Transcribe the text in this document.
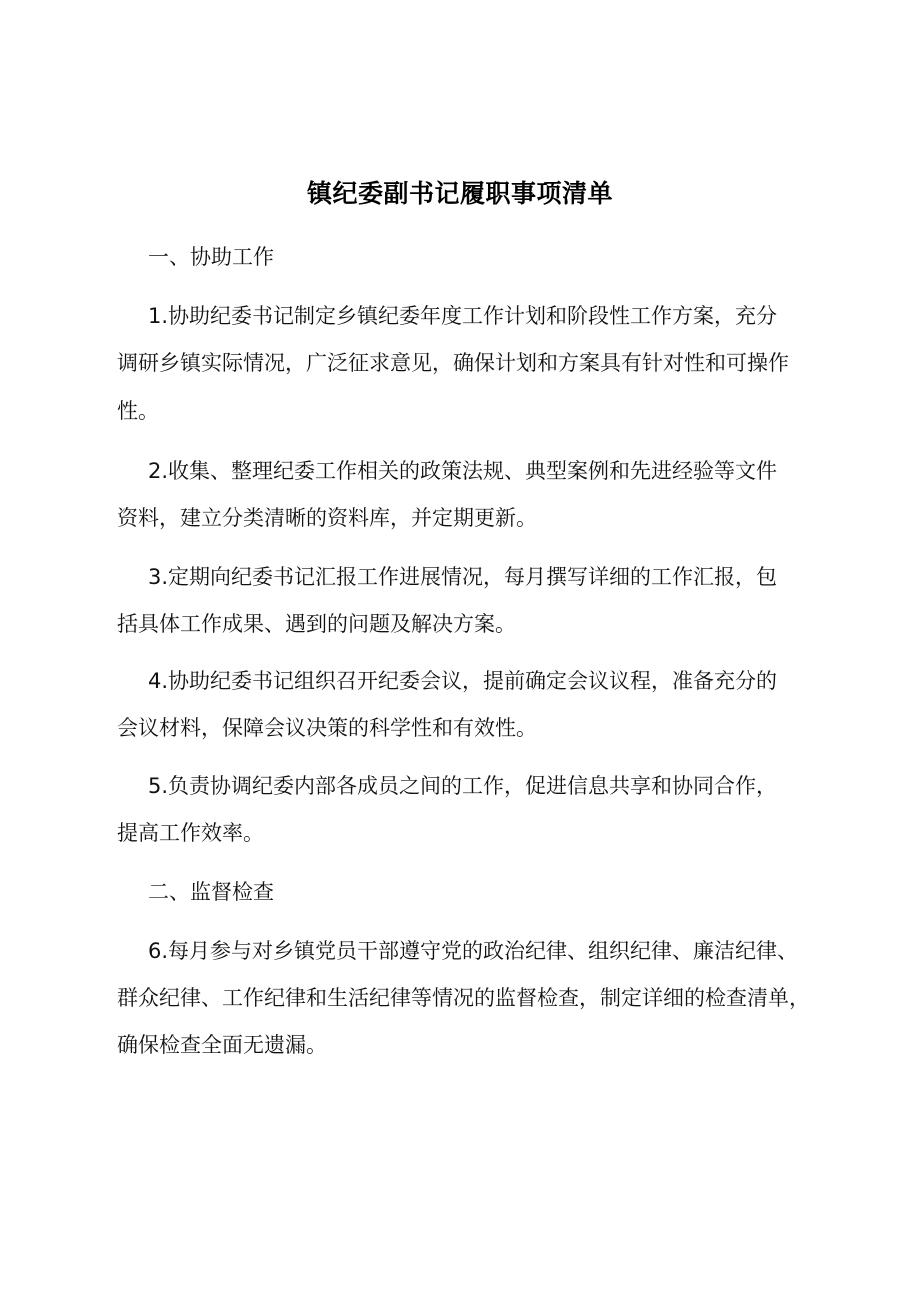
镇纪委副书记履职事项清单
一、协助工作
1.协助纪委书记制定乡镇纪委年度工作计划和阶段性工作方案，充分
调研乡镇实际情况，广泛征求意见，确保计划和方案具有针对性和可操作
性。
2.收集、整理纪委工作相关的政策法规、典型案例和先进经验等文件
资料，建立分类清晰的资料库，并定期更新。
3.定期向纪委书记汇报工作进展情况，每月撰写详细的工作汇报，包
括具体工作成果、遇到的问题及解决方案。
4.协助纪委书记组织召开纪委会议，提前确定会议议程，准备充分的
会议材料，保障会议决策的科学性和有效性。
5.负责协调纪委内部各成员之间的工作，促进信息共享和协同合作，
提高工作效率。
二、监督检查
6.每月参与对乡镇党员干部遵守党的政治纪律、组织纪律、廉洁纪律、
群众纪律、工作纪律和生活纪律等情况的监督检查，制定详细的检查清单，
确保检查全面无遗漏。
